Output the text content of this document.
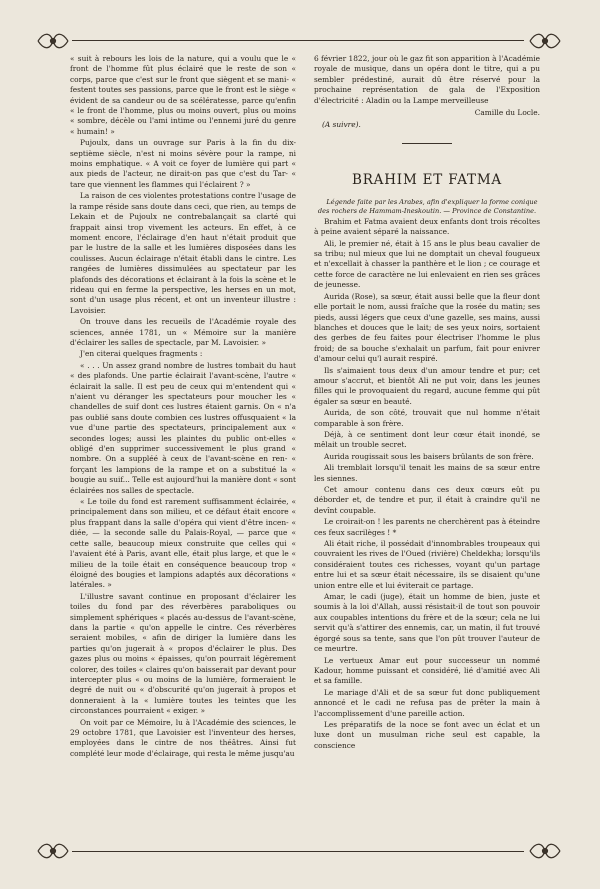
« suit à rebours les lois de la nature, qui a voulu que le « front de l'homme fût plus éclairé que le reste de son « corps, parce que c'est sur le front que siègent et se mani- « festent toutes ses passions, parce que le front est le siège « évident de sa candeur ou de sa scélératesse, parce qu'enfin « le front de l'homme, plus ou moins ouvert, plus ou moins « sombre, décèle ou l'ami intime ou l'ennemi juré du genre « humain! »

Pujoulx, dans un ouvrage sur Paris à la fin du dix-septième siècle, n'est ni moins sévère pour la rampe, ni moins emphatique. « A voit ce foyer de lumière qui part « aux pieds de l'acteur, ne dirait-on pas que c'est du Tar- « tare que viennent les flammes qui l'éclairent ? »

La raison de ces violentes protestations contre l'usage de la rampe réside sans doute dans ceci, que rien, au temps de Lekain et de Pujoulx ne contrebalançait sa clarté qui frappait ainsi trop vivement les acteurs. En effet, à ce moment encore, l'éclairage d'en haut n'était produit que par le lustre de la salle et les lumières disposées dans les coulisses. Aucun éclairage n'était établi dans le cintre. Les rangées de lumières dissimulées au spectateur par les plafonds des décorations et éclairant à la fois la scène et le rideau qui en ferme la perspective, les herses en un mot, sont d'un usage plus récent, et ont un inventeur illustre : Lavoisier.

On trouve dans les recueils de l'Académie royale des sciences, année 1781, un « Mémoire sur la manière d'éclairer les salles de spectacle, par M. Lavoisier. »

J'en citerai quelques fragments :

« . . . Un assez grand nombre de lustres tombait du haut « des plafonds. Une partie éclairait l'avant-scène, l'autre « éclairait la salle. Il est peu de ceux qui m'entendent qui « n'aient vu déranger les spectateurs pour moucher les « chandelles de suif dont ces lustres étaient garnis. On « n'a pas oublié sans doute combien ces lustres offusquaient « la vue d'une partie des spectateurs, principalement aux « secondes loges; aussi les plaintes du public ont-elles « obligé d'en supprimer successivement le plus grand « nombre. On a suppléé à ceux de l'avant-scène en ren- « forçant les lampions de la rampe et on a substitué la « bougie au suif... Telle est aujourd'hui la manière dont « sont éclairées nos salles de spectacle.

« Le toile du fond est rarement suffisamment éclairée, « principalement dans son milieu, et ce défaut était encore « plus frappant dans la salle d'opéra qui vient d'être incen- « diée, — la seconde salle du Palais-Royal, — parce que « cette salle, beaucoup mieux construite que celles qui « l'avaient été à Paris, avant elle, était plus large, et que le « milieu de la toile était en conséquence beaucoup trop « éloigné des bougies et lampions adaptés aux décorations « latérales. »

L'illustre savant continue en proposant d'éclairer les toiles du fond par des réverbères paraboliques ou simplement sphériques « placés au-dessus de l'avant-scène, dans la partie « qu'on appelle le cintre. Ces réverbères seraient mobiles, « afin de diriger la lumière dans les parties qu'on jugerait à « propos d'éclairer le plus. Des gazes plus ou moins « épaisses, qu'on pourrait légèrement colorer, des toiles « claires qu'on baisserait par devant pour intercepter plus « ou moins de la lumière, formeraient le degré de nuit ou « d'obscurité qu'on jugerait à propos et donneraient à la « lumière toutes les teintes que les circonstances pourraient « exiger. »

On voit par ce Mémoire, lu à l'Académie des sciences, le 29 octobre 1781, que Lavoisier est l'inventeur des herses, employées dans le cintre de nos théâtres. Ainsi fut complété leur mode d'éclairage, qui resta le même jusqu'au

6 février 1822, jour où le gaz fit son apparition à l'Académie royale de musique, dans un opéra dont le titre, qui a pu sembler prédestiné, aurait dû être réservé pour la prochaine représentation de gala de l'Exposition d'électricité : Aladin ou la Lampe merveilleuse

Camille du Locle.
(A suivre).
BRAHIM ET FATMA

Légende faite par les Arabes, afin d'expliquer la forme conique des rochers de Hammam-Ineskoutin. — Province de Constantine.

Brahim et Fatma avaient deux enfants dont trois récoltes à peine avaient séparé la naissance.

Ali, le premier né, était à 15 ans le plus beau cavalier de sa tribu; nul mieux que lui ne domptait un cheval fougueux et n'excellait à chasser la panthère et le lion ; ce courage et cette force de caractère ne lui enlevaient en rien ses grâces de jeunesse.

Aurida (Rose), sa sœur, était aussi belle que la fleur dont elle portait le nom, aussi fraîche que la rosée du matin; ses pieds, aussi légers que ceux d'une gazelle, ses mains, aussi blanches et douces que le lait; de ses yeux noirs, sortaient des gerbes de feu faites pour électriser l'homme le plus froid; de sa bouche s'exhalait un parfum, fait pour enivrer d'amour celui qu'l aurait respiré.

Ils s'aimaient tous deux d'un amour tendre et pur; cet amour s'accrut, et bientôt Ali ne put voir, dans les jeunes filles qui le provoquaient du regard, aucune femme qui pût égaler sa sœur en beauté.

Aurida, de son côté, trouvait que nul homme n'était comparable à son frère.

Déjà, à ce sentiment dont leur cœur était inondé, se mêlait un trouble secret.

Aurida rougissait sous les baisers brûlants de son frère.

Ali tremblait lorsqu'il tenait les mains de sa sœur entre les siennes.

Cet amour contenu dans ces deux cœurs eût pu déborder et, de tendre et pur, il était à craindre qu'il ne devînt coupable.

Le croirait-on ! les parents ne cherchèrent pas à éteindre ces feux sacrilèges ! *

Ali était riche, il possédait d'innombrables troupeaux qui couvraient les rives de l'Oued (rivière) Cheldekha; lorsqu'ils considéraient toutes ces richesses, voyant qu'un partage entre lui et sa sœur était nécessaire, ils se disaient qu'une union entre elle et lui éviterait ce partage.

Amar, le cadi (juge), était un homme de bien, juste et soumis à la loi d'Allah, aussi résistait-il de tout son pouvoir aux coupables intentions du frère et de la sœur; cela ne lui servit qu'à s'attirer des ennemis, car, un matin, il fut trouvé égorgé sous sa tente, sans que l'on pût trouver l'auteur de ce meurtre.

Le vertueux Amar eut pour successeur un nommé Kadour, homme puissant et considéré, lié d'amitié avec Ali et sa famille.

Le mariage d'Ali et de sa sœur fut donc publiquement annoncé et le cadi ne refusa pas de prêter la main à l'accomplissement d'une pareille action.

Les préparatifs de la noce se font avec un éclat et un luxe dont un musulman riche seul est capable, la conscience
